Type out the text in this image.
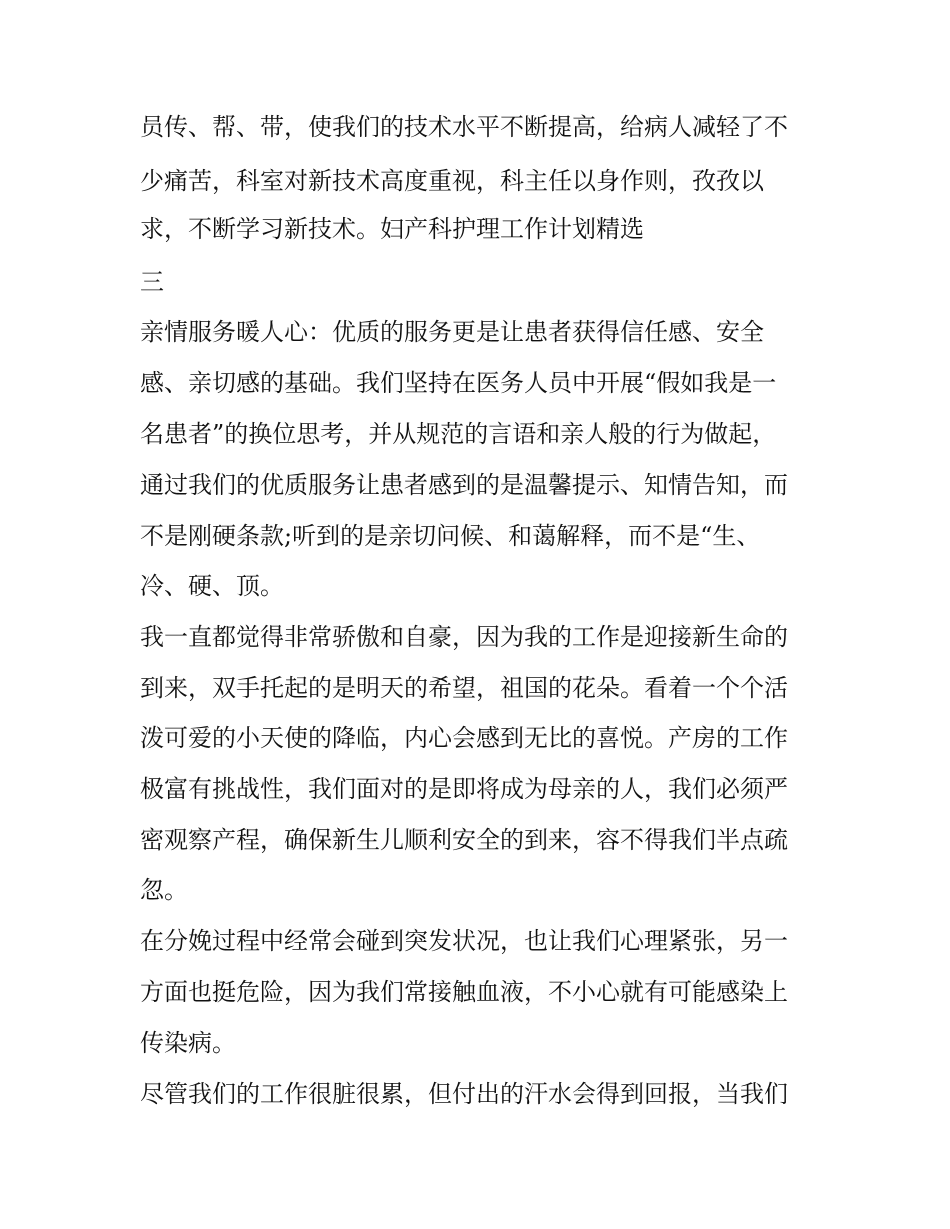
员传、帮、带，使我们的技术水平不断提高，给病人减轻了不
少痛苦，科室对新技术高度重视，科主任以身作则，孜孜以
求，不断学习新技术。妇产科护理工作计划精选
三
亲情服务暖人心：优质的服务更是让患者获得信任感、安全
感、亲切感的基础。我们坚持在医务人员中开展“假如我是一
名患者”的换位思考，并从规范的言语和亲人般的行为做起，
通过我们的优质服务让患者感到的是温馨提示、知情告知，而
不是刚硬条款;听到的是亲切问候、和蔼解释，而不是“生、
冷、硬、顶。
我一直都觉得非常骄傲和自豪，因为我的工作是迎接新生命的
到来，双手托起的是明天的希望，祖国的花朵。看着一个个活
泼可爱的小天使的降临，内心会感到无比的喜悦。产房的工作
极富有挑战性，我们面对的是即将成为母亲的人，我们必须严
密观察产程，确保新生儿顺利安全的到来，容不得我们半点疏
忽。
在分娩过程中经常会碰到突发状况，也让我们心理紧张，另一
方面也挺危险，因为我们常接触血液，不小心就有可能感染上
传染病。
尽管我们的工作很脏很累，但付出的汗水会得到回报，当我们
